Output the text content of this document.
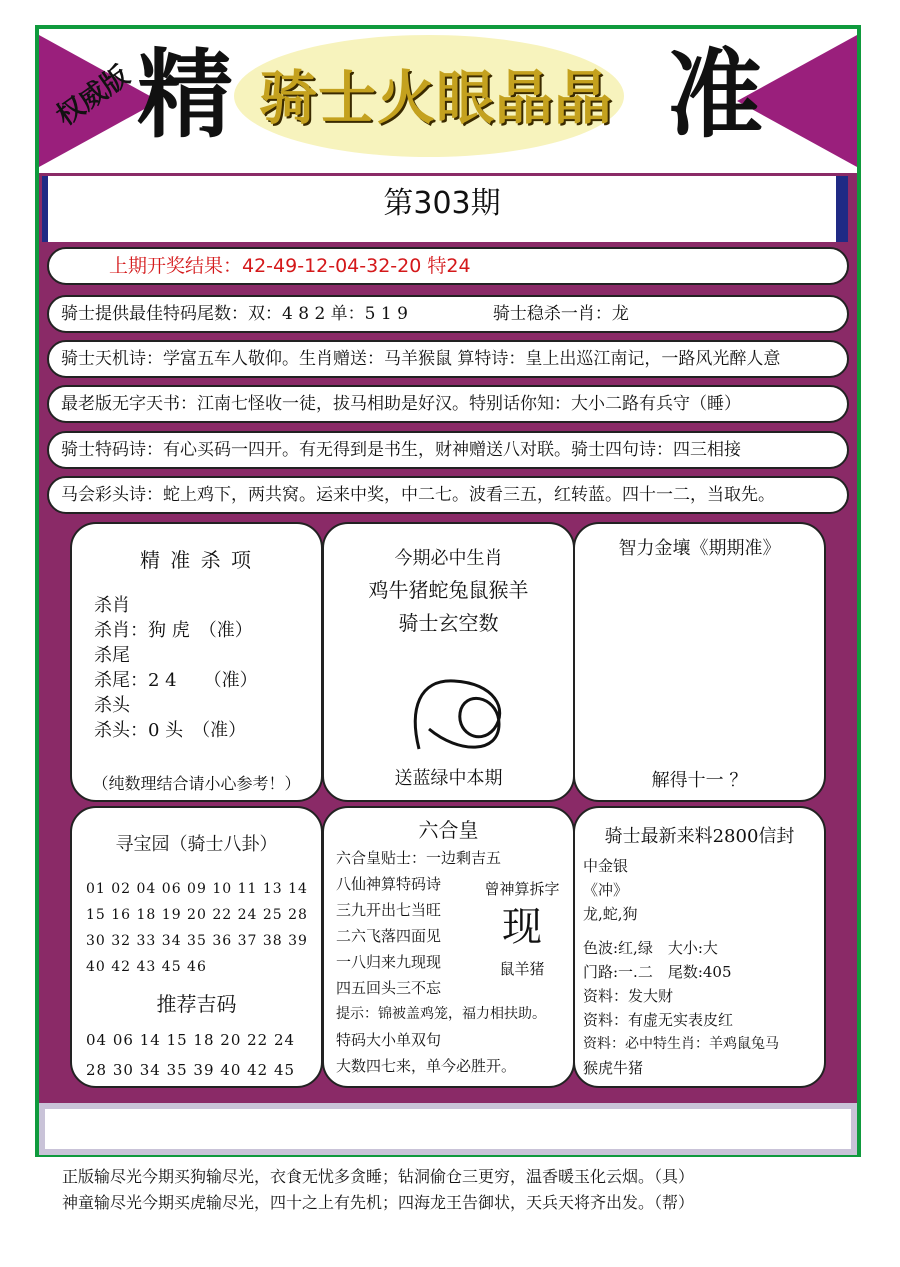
权威版 精 骑士火眼晶晶 准
第303期
上期开奖结果：42-49-12-04-32-20 特24
骑士提供最佳特码尾数：双：4 8 2 单：5 1 9　　　　　骑士稳杀一肖：龙
骑士天机诗：学富五车人敬仰。生肖赠送：马羊猴鼠 算特诗：皇上出巡江南记，一路风光醉人意
最老版无字天书：江南七怪收一徒，拔马相助是好汉。特别话你知：大小二路有兵守（睡）
骑士特码诗：有心买码一四开。有无得到是书生，财神赠送八对联。骑士四句诗：四三相接
马会彩头诗：蛇上鸡下，两共窝。运来中奖，中二七。波看三五，红转蓝。四十一二，当取先。
精 准 杀 项
杀肖
杀肖：狗 虎　（准）
杀尾
杀尾：2 4　　（准）
杀头
杀头：0 头　（准）
（纯数理结合请小心参考！）
今期必中生肖
鸡牛猪蛇兔鼠猴羊
骑士玄空数
送蓝绿中本期
智力金壤《期期准》
解得十一 ？
寻宝园（骑士八卦）
01 02 04 06 09 10 11 13 14
15 16 18 19 20 22 24 25 28
30 32 33 34 35 36 37 38 39
40 42 43 45 46
推荐吉码
04 06 14 15 18 20 22 24
28 30 34 35 39 40 42 45
六合皇
六合皇贴士：一边剩吉五
八仙神算特码诗
三九开出七当旺
二六飞落四面见
一八归来九现现
四五回头三不忘
提示：锦被盖鸡笼，福力相扶助。
特码大小单双句
大数四七来，单今必胜开。
曾神算拆字
现
鼠羊猪
骑士最新来料2800信封
中金银
《冲》
龙,蛇,狗
色波:红,绿　大小:大
门路:一.二　尾数:405
资料：发大财
资料：有虚无实表皮红
资料：必中特生肖：羊鸡鼠兔马
猴虎牛猪
正版输尽光今期买狗输尽光，衣食无忧多贪睡；钻洞偷仓三更穷，温香暖玉化云烟。（具）
神童输尽光今期买虎输尽光，四十之上有先机；四海龙王告御状，天兵天将齐出发。（帮）
